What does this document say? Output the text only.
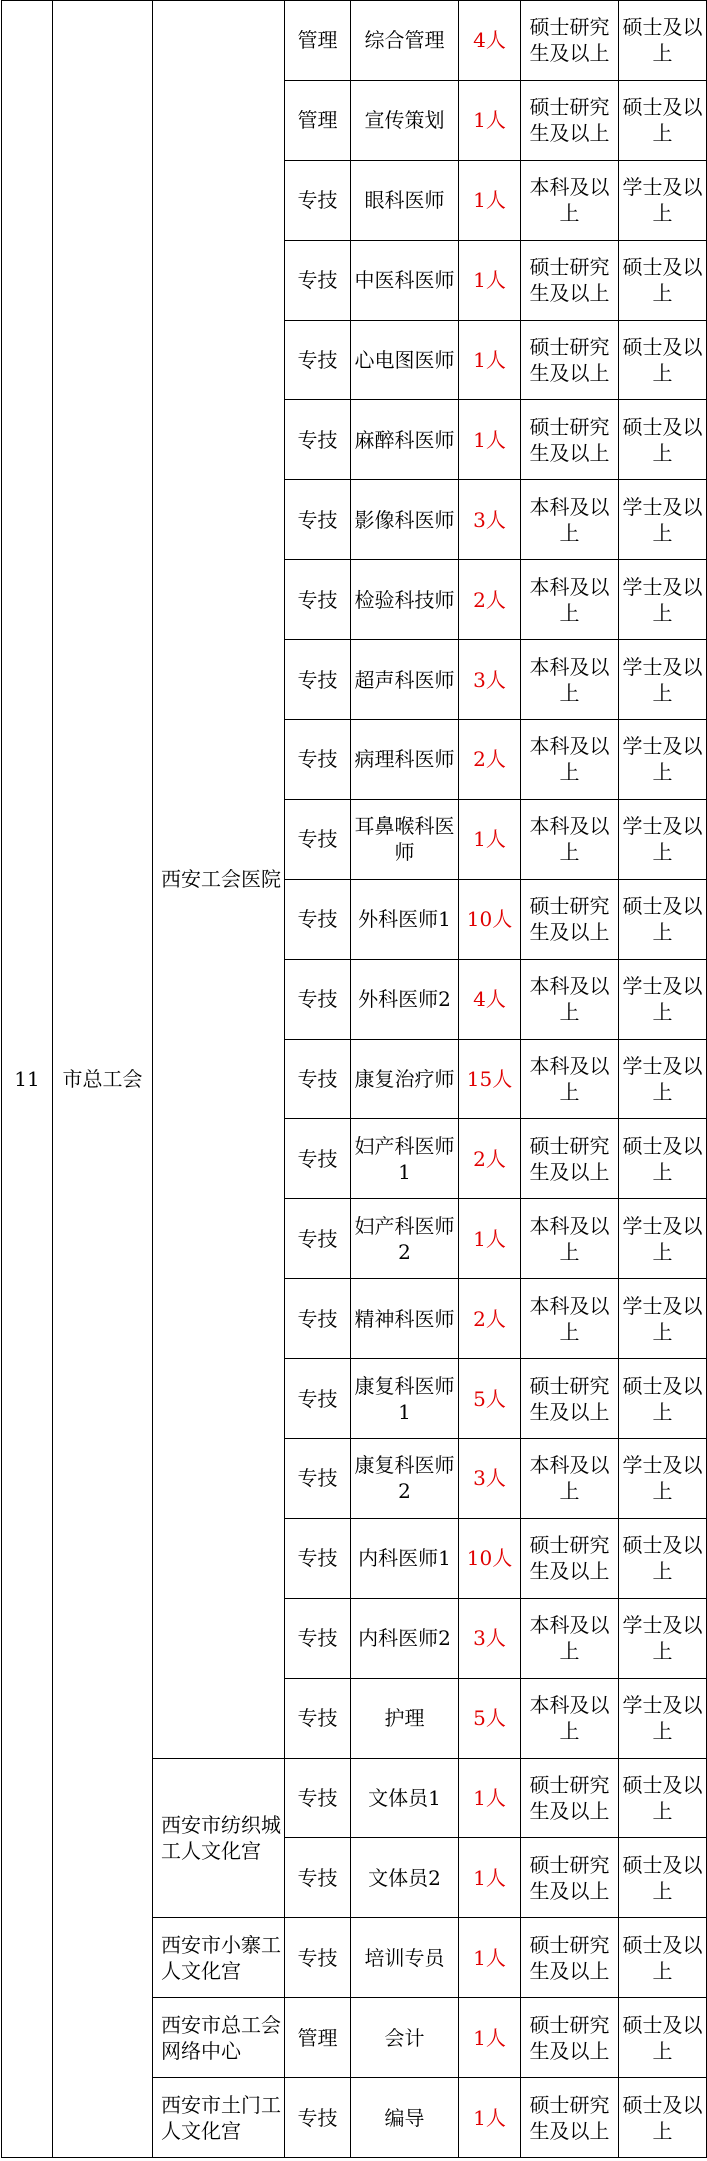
11	市总工会	西安工会医院	管理	综合管理	4人	硕士研究生及以上	硕士及以上
			管理	宣传策划	1人	硕士研究生及以上	硕士及以上
			专技	眼科医师	1人	本科及以上	学士及以上
			专技	中医科医师	1人	硕士研究生及以上	硕士及以上
			专技	心电图医师	1人	硕士研究生及以上	硕士及以上
			专技	麻醉科医师	1人	硕士研究生及以上	硕士及以上
			专技	影像科医师	3人	本科及以上	学士及以上
			专技	检验科技师	2人	本科及以上	学士及以上
			专技	超声科医师	3人	本科及以上	学士及以上
			专技	病理科医师	2人	本科及以上	学士及以上
			专技	耳鼻喉科医师	1人	本科及以上	学士及以上
			专技	外科医师1	10人	硕士研究生及以上	硕士及以上
			专技	外科医师2	4人	本科及以上	学士及以上
			专技	康复治疗师	15人	本科及以上	学士及以上
			专技	妇产科医师1	2人	硕士研究生及以上	硕士及以上
			专技	妇产科医师2	1人	本科及以上	学士及以上
			专技	精神科医师	2人	本科及以上	学士及以上
			专技	康复科医师1	5人	硕士研究生及以上	硕士及以上
			专技	康复科医师2	3人	本科及以上	学士及以上
			专技	内科医师1	10人	硕士研究生及以上	硕士及以上
			专技	内科医师2	3人	本科及以上	学士及以上
			专技	护理	5人	本科及以上	学士及以上
		西安市纺织城工人文化宫	专技	文体员1	1人	硕士研究生及以上	硕士及以上
			专技	文体员2	1人	硕士研究生及以上	硕士及以上
		西安市小寨工人文化宫	专技	培训专员	1人	硕士研究生及以上	硕士及以上
		西安市总工会网络中心	管理	会计	1人	硕士研究生及以上	硕士及以上
		西安市土门工人文化宫	专技	编导	1人	硕士研究生及以上	硕士及以上
